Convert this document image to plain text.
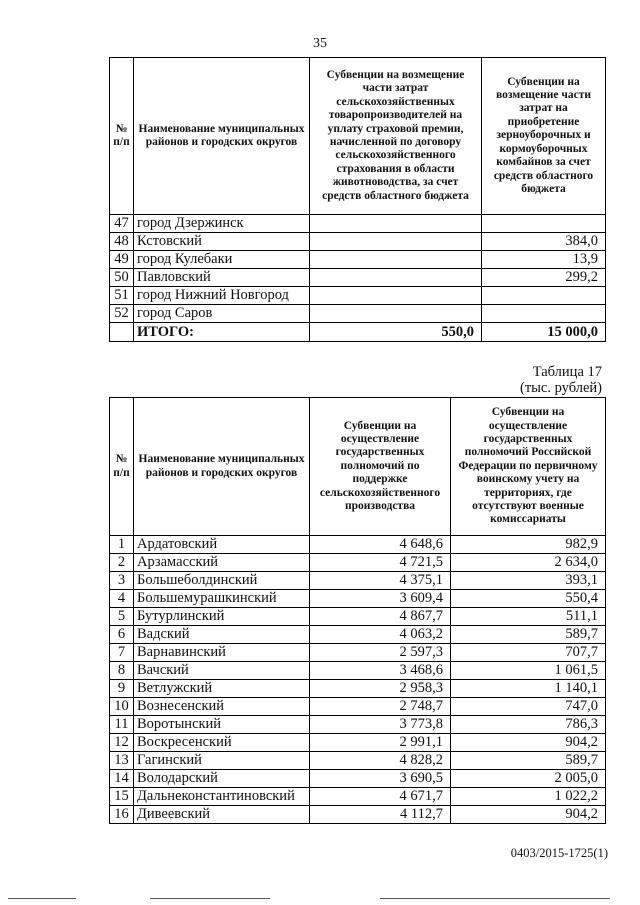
35
№ п/п	Наименование муниципальных районов и городских округов	Субвенции на возмещение части затрат сельскохозяйственных товаропроизводителей на уплату страховой премии, начисленной по договору сельскохозяйственного страхования в области животноводства, за счет средств областного бюджета	Субвенции на возмещение части затрат на приобретение зерноуборочных и кормоуборочных комбайнов за счет средств областного бюджета
47	город Дзержинск		
48	Кстовский		384,0
49	город Кулебаки		13,9
50	Павловский		299,2
51	город Нижний Новгород		
52	город Саров		
	ИТОГО:	550,0	15 000,0
Таблица 17
(тыс. рублей)
№ п/п	Наименование муниципальных районов и городских округов	Субвенции на осуществление государственных полномочий по поддержке сельскохозяйственного производства	Субвенции на осуществление государственных полномочий Российской Федерации по первичному воинскому учету на территориях, где отсутствуют военные комиссариаты
1	Ардатовский	4 648,6	982,9
2	Арзамасский	4 721,5	2 634,0
3	Большеболдинский	4 375,1	393,1
4	Большемурашкинский	3 609,4	550,4
5	Бутурлинский	4 867,7	511,1
6	Вадский	4 063,2	589,7
7	Варнавинский	2 597,3	707,7
8	Вачский	3 468,6	1 061,5
9	Ветлужский	2 958,3	1 140,1
10	Вознесенский	2 748,7	747,0
11	Воротынский	3 773,8	786,3
12	Воскресенский	2 991,1	904,2
13	Гагинский	4 828,2	589,7
14	Володарский	3 690,5	2 005,0
15	Дальнеконстантиновский	4 671,7	1 022,2
16	Дивеевский	4 112,7	904,2
0403/2015-1725(1)
